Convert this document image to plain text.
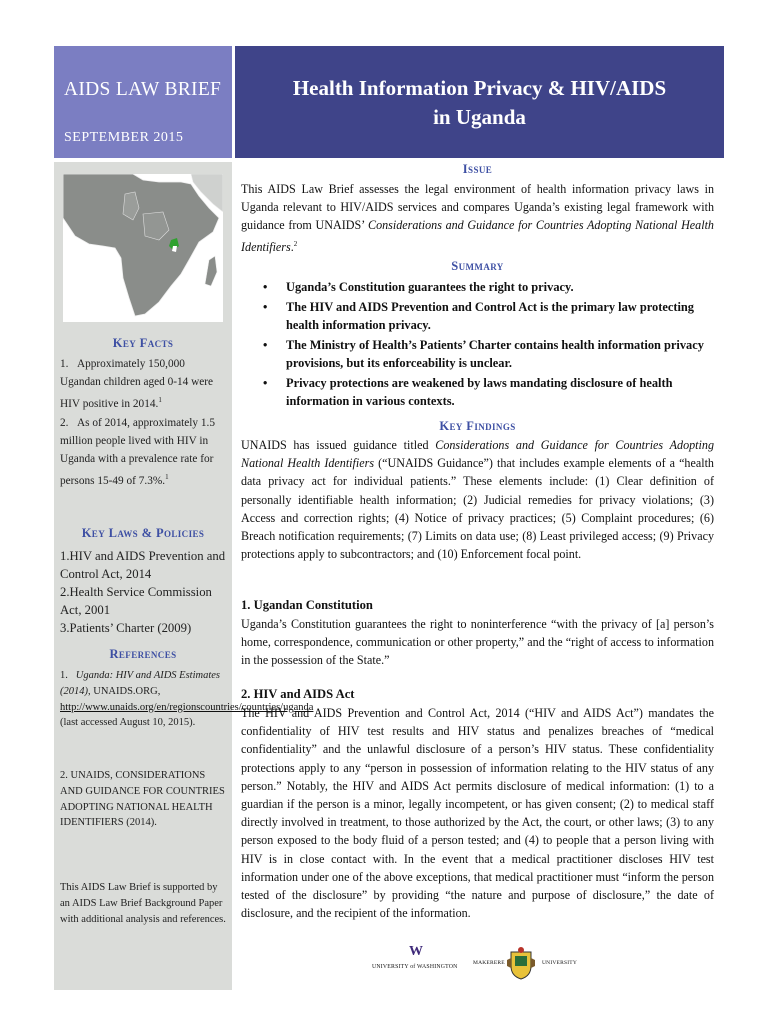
AIDS LAW BRIEF
SEPTEMBER 2015
Health Information Privacy & HIV/AIDS
in Uganda
Key Facts
1. Approximately 150,000 Ugandan children aged 0-14 were HIV positive in 2014.$^1$
2. As of 2014, approximately 1.5 million people lived with HIV in Uganda with a prevalence rate for persons 15-49 of 7.3%.$^1$
Key Laws & Policies
1.HIV and AIDS Prevention and Control Act, 2014
2.Health Service Commission Act, 2001
3.Patients’ Charter (2009)
References
1. Uganda: HIV and AIDS Estimates (2014), UNAIDS.ORG, http://www.unaids.org/en/regionscountries/countries/uganda (last accessed August 10, 2015).
2. UNAIDS, CONSIDERATIONS AND GUIDANCE FOR COUNTRIES ADOPTING NATIONAL HEALTH IDENTIFIERS (2014).
This AIDS Law Brief is supported by an AIDS Law Brief Background Paper with additional analysis and references.
Issue
This AIDS Law Brief assesses the legal environment of health information privacy laws in Uganda relevant to HIV/AIDS services and compares Uganda’s existing legal framework with guidance from UNAIDS’ Considerations and Guidance for Countries Adopting National Health Identifiers.$^2$
Summary
• Uganda’s Constitution guarantees the right to privacy.
• The HIV and AIDS Prevention and Control Act is the primary law protecting health information privacy.
• The Ministry of Health’s Patients’ Charter contains health information privacy provisions, but its enforceability is unclear.
• Privacy protections are weakened by laws mandating disclosure of health information in various contexts.
Key Findings
UNAIDS has issued guidance titled Considerations and Guidance for Countries Adopting National Health Identifiers (“UNAIDS Guidance”) that includes example elements of a “health data privacy act for individual patients.” These elements include: (1) Clear definition of personally identifiable health information; (2) Judicial remedies for privacy violations; (3) Access and correction rights; (4) Notice of privacy practices; (5) Complaint procedures; (6) Breach notification requirements; (7) Limits on data use; (8) Least privileged access; (9) Privacy protections apply to subcontractors; and (10) Enforcement focal point.
1. Ugandan Constitution
Uganda’s Constitution guarantees the right to noninterference “with the privacy of [a] person’s home, correspondence, communication or other property,” and the “right of access to information in the possession of the State.”
2. HIV and AIDS Act
The HIV and AIDS Prevention and Control Act, 2014 (“HIV and AIDS Act”) mandates the confidentiality of HIV test results and HIV status and penalizes breaches of “medical confidentiality” and the unlawful disclosure of a person’s HIV status. These confidentiality protections apply to any “person in possession of information relating to the HIV status of any person.” Notably, the HIV and AIDS Act permits disclosure of medical information: (1) to a guardian if the person is a minor, legally incompetent, or has given consent; (2) to medical staff directly involved in treatment, to those authorized by the Act, the court, or other laws; (3) to any person exposed to the body fluid of a person tested; and (4) to people that a person living with HIV is in close contact with. In the event that a medical practitioner discloses HIV test information under one of the above exceptions, that medical practitioner must “inform the person tested of the disclosure” by providing “the nature and purpose of disclosure,” the date of disclosure, and the recipient of the information.
W
UNIVERSITY of WASHINGTON
MAKERERE	UNIVERSITY
